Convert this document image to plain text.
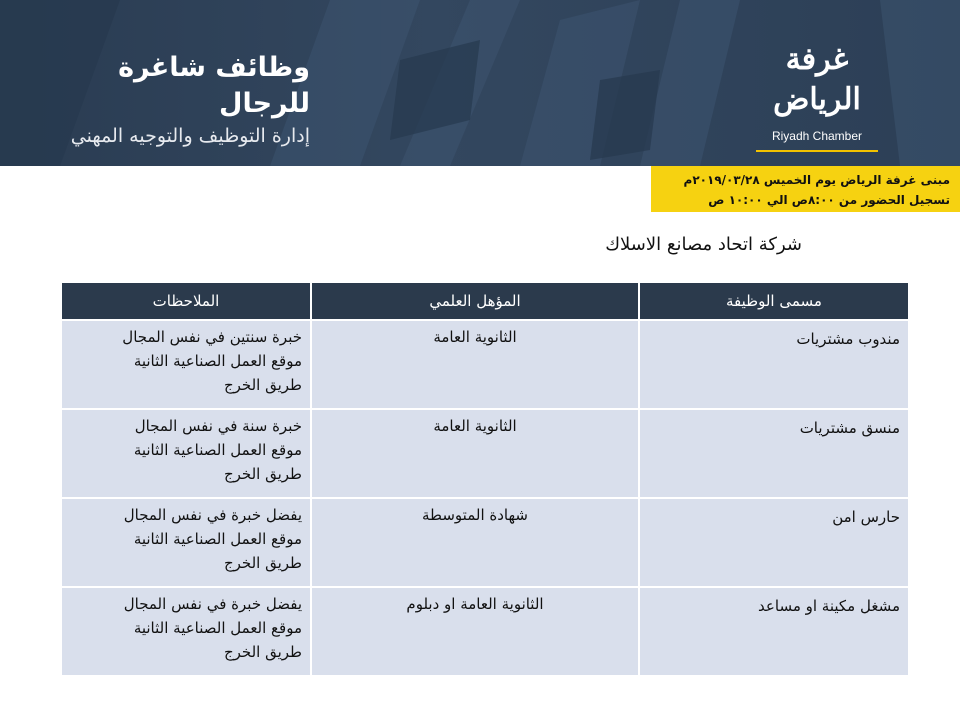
وظائف شاغرة للرجال

إدارة التوظيف والتوجيه المهني

غرفة الرياض
Riyadh Chamber
مبنى غرفة الرياض يوم الخميس ٢٠١٩/٠٣/٢٨م
تسجيل الحضور من ٨:٠٠ص الي ١٠:٠٠ ص
شركة اتحاد مصانع الاسلاك
مسمى الوظيفة	المؤهل العلمي	الملاحظات
مندوب مشتريات	الثانوية العامة	خبرة سنتين في نفس المجال
موقع العمل الصناعية الثانية
طريق الخرج

منسق مشتريات	الثانوية العامة	خبرة سنة في نفس المجال
موقع العمل الصناعية الثانية
طريق الخرج

حارس امن	شهادة المتوسطة	يفضل خبرة في نفس المجال
موقع العمل الصناعية الثانية
طريق الخرج

مشغل مكينة او مساعد	الثانوية العامة او دبلوم	يفضل خبرة في نفس المجال
موقع العمل الصناعية الثانية
طريق الخرج
